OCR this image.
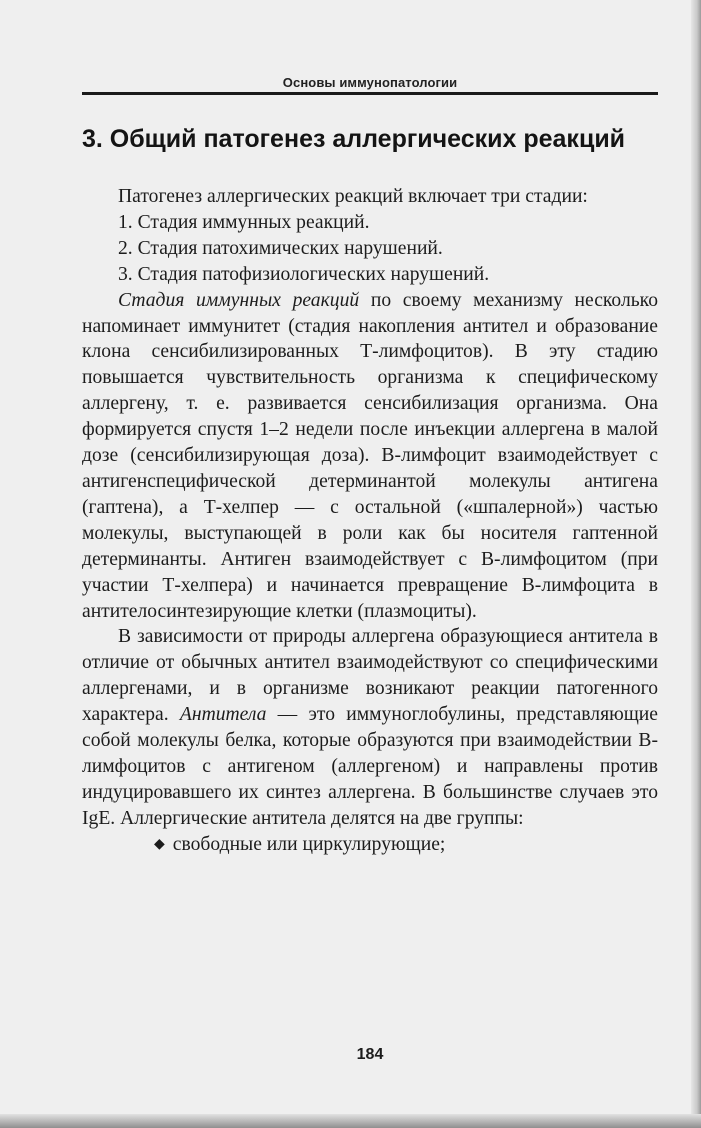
Основы иммунопатологии
3. Общий патогенез аллергических реакций

Патогенез аллергических реакций включает три стадии:

1. Стадия иммунных реакций.

2. Стадия патохимических нарушений.

3. Стадия патофизиологических нарушений.

Стадия иммунных реакций по своему механизму несколько напоминает иммунитет (стадия накопления антител и образование клона сенсибилизированных Т-лимфоцитов). В эту стадию повышается чувствительность организма к специфическому аллергену, т. е. развивается сенсибилизация организма. Она формируется спустя 1–2 недели после инъекции аллергена в малой дозе (сенсибилизирующая доза). В-лимфоцит взаимодействует с антигенспецифической детерминантой молекулы антигена (гаптена), а Т-хелпер — с остальной («шпалерной») частью молекулы, выступающей в роли как бы носителя гаптенной детерминанты. Антиген взаимодействует с В-лимфоцитом (при участии Т-хелпера) и начинается превращение В-лимфоцита в антителосинтезирующие клетки (плазмоциты).

В зависимости от природы аллергена образующиеся антитела в отличие от обычных антител взаимодействуют со специфическими аллергенами, и в организме возникают реакции патогенного характера. Антитела — это иммуноглобулины, представляющие собой молекулы белка, которые образуются при взаимодействии В-лимфоцитов с антигеном (аллергеном) и направлены против индуцировавшего их синтез аллергена. В большинстве случаев это IgE. Аллергические антитела делятся на две группы:

◆ свободные или циркулирующие;

184
